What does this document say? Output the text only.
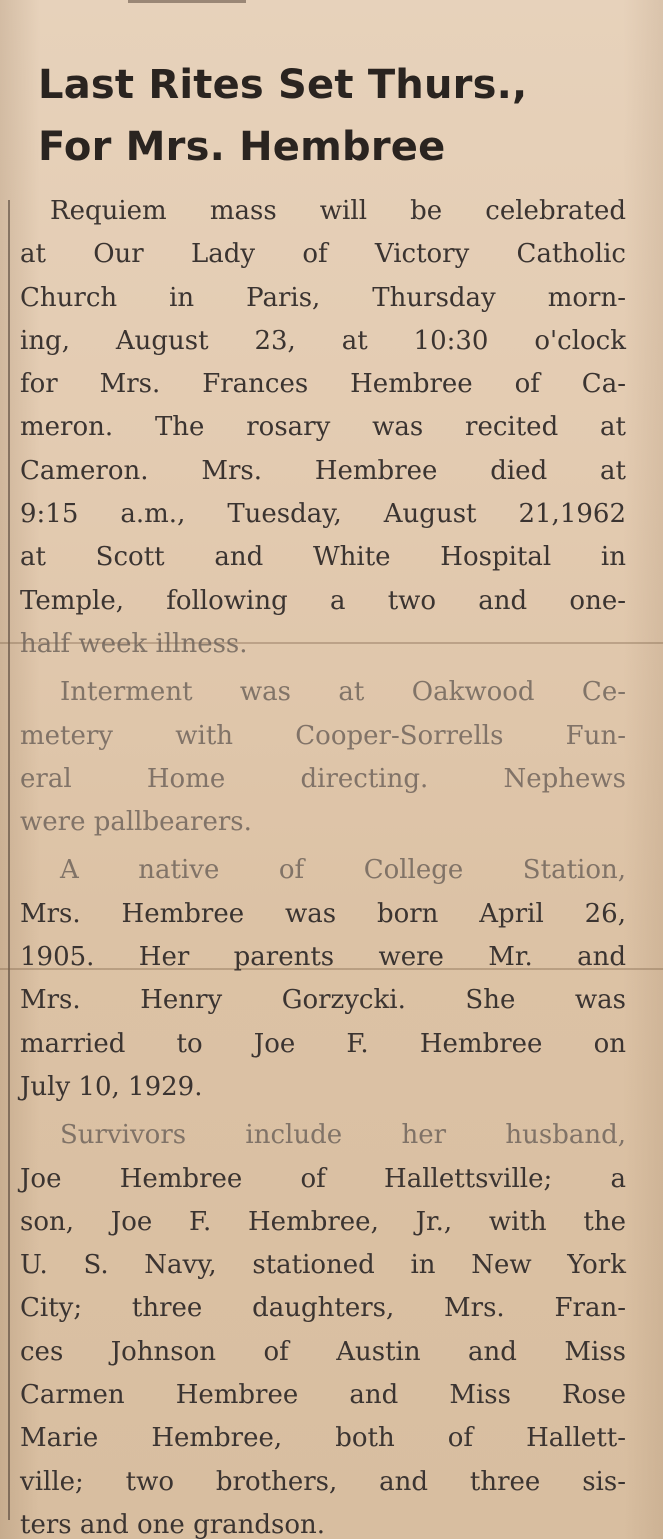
Last Rites Set Thurs.,
For Mrs. Hembree
Requiem mass will be celebrated
at Our Lady of Victory Catholic
Church in Paris, Thursday morn-
ing, August 23, at 10:30 o'clock
for Mrs. Frances Hembree of Ca-
meron. The rosary was recited at
Cameron. Mrs. Hembree died at
9:15 a.m., Tuesday, August 21,1962
at Scott and White Hospital in
Temple, following a two and one-
half week illness.
Interment was at Oakwood Ce-
metery with Cooper-Sorrells Fun-
eral Home directing. Nephews
were pallbearers.
A native of College Station,
Mrs. Hembree was born April 26,
1905. Her parents were Mr. and
Mrs. Henry Gorzycki. She was
married to Joe F. Hembree on
July 10, 1929.
Survivors include her husband,
Joe Hembree of Hallettsville; a
son, Joe F. Hembree, Jr., with the
U. S. Navy, stationed in New York
City; three daughters, Mrs. Fran-
ces Johnson of Austin and Miss
Carmen Hembree and Miss Rose
Marie Hembree, both of Hallett-
ville; two brothers, and three sis-
ters and one grandson.
